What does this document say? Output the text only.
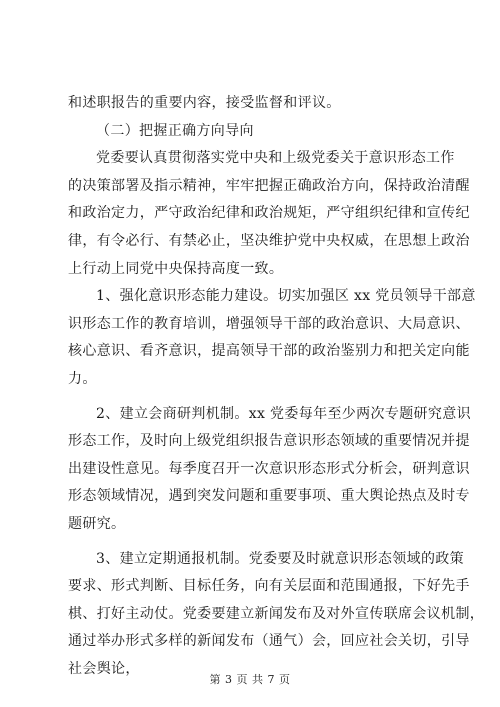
和述职报告的重要内容，接受监督和评议。
（二）把握正确方向导向
党委要认真贯彻落实党中央和上级党委关于意识形态工作
的决策部署及指示精神，牢牢把握正确政治方向，保持政治清醒
和政治定力，严守政治纪律和政治规矩，严守组织纪律和宣传纪
律，有令必行、有禁必止，坚决维护党中央权威，在思想上政治
上行动上同党中央保持高度一致。
1、强化意识形态能力建设。切实加强区 xx 党员领导干部意
识形态工作的教育培训，增强领导干部的政治意识、大局意识、
核心意识、看齐意识，提高领导干部的政治鉴别力和把关定向能
力。
2、建立会商研判机制。xx 党委每年至少两次专题研究意识
形态工作，及时向上级党组织报告意识形态领域的重要情况并提
出建设性意见。每季度召开一次意识形态形式分析会，研判意识
形态领域情况，遇到突发问题和重要事项、重大舆论热点及时专
题研究。
3、建立定期通报机制。党委要及时就意识形态领域的政策
要求、形式判断、目标任务，向有关层面和范围通报，下好先手
棋、打好主动仗。党委要建立新闻发布及对外宣传联席会议机制，
通过举办形式多样的新闻发布（通气）会，回应社会关切，引导
社会舆论，
第 3 页 共 7 页
